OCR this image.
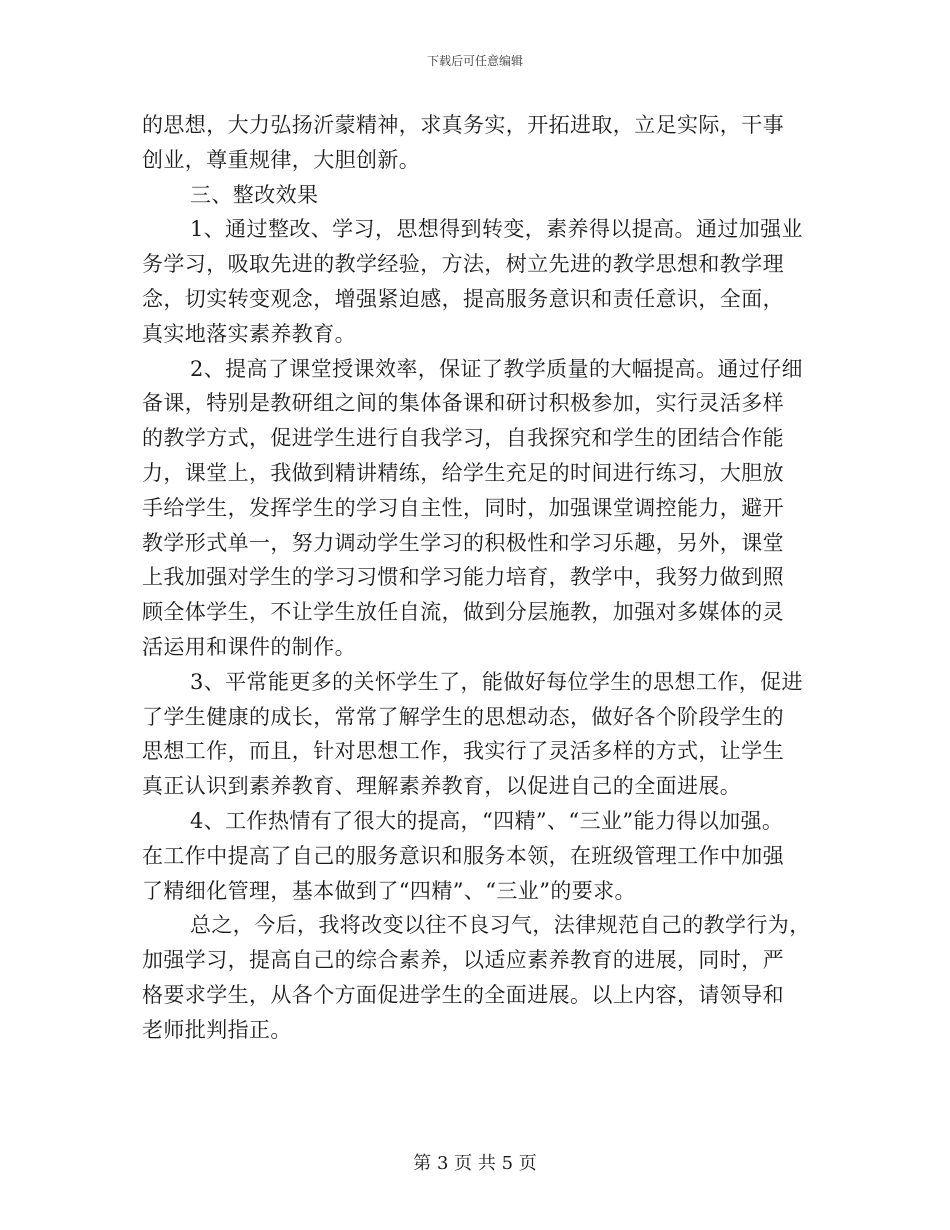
下载后可任意编辑
的思想，大力弘扬沂蒙精神，求真务实，开拓进取，立足实际，干事
创业，尊重规律，大胆创新。
三、整改效果
1、通过整改、学习，思想得到转变，素养得以提高。通过加强业
务学习，吸取先进的教学经验，方法，树立先进的教学思想和教学理
念，切实转变观念，增强紧迫感，提高服务意识和责任意识，全面，
真实地落实素养教育。
2、提高了课堂授课效率，保证了教学质量的大幅提高。通过仔细
备课，特别是教研组之间的集体备课和研讨积极参加，实行灵活多样
的教学方式，促进学生进行自我学习，自我探究和学生的团结合作能
力，课堂上，我做到精讲精练，给学生充足的时间进行练习，大胆放
手给学生，发挥学生的学习自主性，同时，加强课堂调控能力，避开
教学形式单一，努力调动学生学习的积极性和学习乐趣，另外，课堂
上我加强对学生的学习习惯和学习能力培育，教学中，我努力做到照
顾全体学生，不让学生放任自流，做到分层施教，加强对多媒体的灵
活运用和课件的制作。
3、平常能更多的关怀学生了，能做好每位学生的思想工作，促进
了学生健康的成长，常常了解学生的思想动态，做好各个阶段学生的
思想工作，而且，针对思想工作，我实行了灵活多样的方式，让学生
真正认识到素养教育、理解素养教育，以促进自己的全面进展。
4、工作热情有了很大的提高，“四精”、“三业”能力得以加强。
在工作中提高了自己的服务意识和服务本领，在班级管理工作中加强
了精细化管理，基本做到了“四精”、“三业”的要求。
总之，今后，我将改变以往不良习气，法律规范自己的教学行为，
加强学习，提高自己的综合素养，以适应素养教育的进展，同时，严
格要求学生，从各个方面促进学生的全面进展。以上内容，请领导和
老师批判指正。
第 3 页 共 5 页
